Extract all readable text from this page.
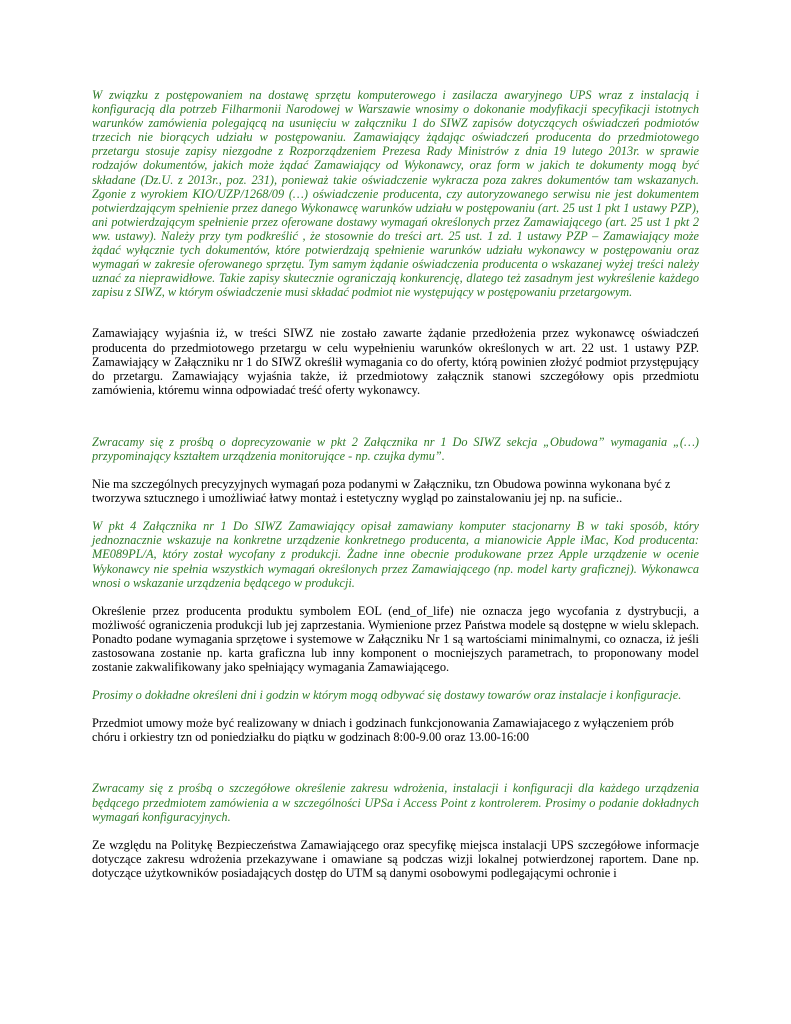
W związku z postępowaniem na dostawę sprzętu komputerowego i zasilacza awaryjnego UPS wraz z instalacją i konfiguracją dla potrzeb Filharmonii Narodowej w Warszawie wnosimy o dokonanie modyfikacji specyfikacji istotnych warunków zamówienia polegającą na usunięciu w załączniku 1 do SIWZ zapisów dotyczących oświadczeń podmiotów trzecich nie biorących udziału w postępowaniu. Zamawiający żądając oświadczeń producenta do przedmiotowego przetargu stosuje zapisy niezgodne z Rozporządzeniem Prezesa Rady Ministrów z dnia 19 lutego 2013r. w sprawie rodzajów dokumentów, jakich może żądać Zamawiający od Wykonawcy, oraz form w jakich te dokumenty mogą być składane (Dz.U. z 2013r., poz. 231), ponieważ takie oświadczenie wykracza poza zakres dokumentów tam wskazanych. Zgonie z wyrokiem KIO/UZP/1268/09 (…) oświadczenie producenta, czy autoryzowanego serwisu nie jest dokumentem potwierdzającym spełnienie przez danego Wykonawcę warunków udziału w postępowaniu (art. 25 ust 1 pkt 1 ustawy PZP), ani potwierdzającym spełnienie przez oferowane dostawy wymagań określonych przez Zamawiającego (art. 25 ust 1 pkt 2 ww. ustawy). Należy przy tym podkreślić , że stosownie do treści art. 25 ust. 1 zd. 1 ustawy PZP – Zamawiający może żądać wyłącznie tych dokumentów, które potwierdzają spełnienie warunków udziału wykonawcy w postępowaniu oraz wymagań w zakresie oferowanego sprzętu. Tym samym żądanie oświadczenia producenta o wskazanej wyżej treści należy uznać za nieprawidłowe. Takie zapisy skutecznie ograniczają konkurencję, dlatego też zasadnym jest wykreślenie każdego zapisu z SIWZ, w którym oświadczenie musi składać podmiot nie występujący w postępowaniu przetargowym.

Zamawiający wyjaśnia iż, w treści SIWZ nie zostało zawarte żądanie przedłożenia przez wykonawcę oświadczeń producenta do przedmiotowego przetargu w celu wypełnieniu warunków określonych w art. 22 ust. 1 ustawy PZP. Zamawiający w Załączniku nr 1 do SIWZ określił wymagania co do oferty, którą powinien złożyć podmiot przystępujący do przetargu. Zamawiający wyjaśnia także, iż przedmiotowy załącznik stanowi szczegółowy opis przedmiotu zamówienia, któremu winna odpowiadać treść oferty wykonawcy.

Zwracamy się z prośbą o doprecyzowanie w pkt 2 Załącznika nr 1 Do SIWZ sekcja „Obudowa” wymagania „(…) przypominający kształtem urządzenia monitorujące - np. czujka dymu”.

Nie ma szczególnych precyzyjnych wymagań poza podanymi w Załączniku, tzn Obudowa powinna wykonana być z tworzywa sztucznego i umożliwiać łatwy montaż i estetyczny wygląd po zainstalowaniu jej np. na suficie..

W pkt 4 Załącznika nr 1 Do SIWZ Zamawiający opisał zamawiany komputer stacjonarny B w taki sposób, który jednoznacznie wskazuje na konkretne urządzenie konkretnego producenta, a mianowicie Apple iMac, Kod producenta: ME089PL/A, który został wycofany z produkcji. Żadne inne obecnie produkowane przez Apple urządzenie w ocenie Wykonawcy nie spełnia wszystkich wymagań określonych przez Zamawiającego (np. model karty graficznej). Wykonawca wnosi o wskazanie urządzenia będącego w produkcji.

Określenie przez producenta produktu symbolem EOL (end_of_life) nie oznacza jego wycofania z dystrybucji, a możliwość ograniczenia produkcji lub jej zaprzestania. Wymienione przez Państwa modele są dostępne w wielu sklepach. Ponadto podane wymagania sprzętowe i systemowe w Załączniku Nr 1 są wartościami minimalnymi, co oznacza, iż jeśli zastosowana zostanie np. karta graficzna lub inny komponent o mocniejszych parametrach, to proponowany model zostanie zakwalifikowany jako spełniający wymagania Zamawiającego.

Prosimy o dokładne określeni dni i godzin w którym mogą odbywać się dostawy towarów oraz instalacje i konfiguracje.

Przedmiot umowy może być realizowany w dniach i godzinach funkcjonowania Zamawiajacego z wyłączeniem prób chóru i orkiestry tzn od poniedziałku do piątku w godzinach 8:00-9.00 oraz 13.00-16:00

Zwracamy się z prośbą o szczegółowe określenie zakresu wdrożenia, instalacji i konfiguracji dla każdego urządzenia będącego przedmiotem zamówienia a w szczególności UPSa i Access Point z kontrolerem. Prosimy o podanie dokładnych wymagań konfiguracyjnych.

Ze względu na Politykę Bezpieczeństwa Zamawiającego oraz specyfikę miejsca instalacji UPS szczegółowe informacje dotyczące zakresu wdrożenia przekazywane i omawiane są podczas wizji lokalnej potwierdzonej raportem. Dane np. dotyczące użytkowników posiadających dostęp do UTM są danymi osobowymi podlegającymi ochronie i
